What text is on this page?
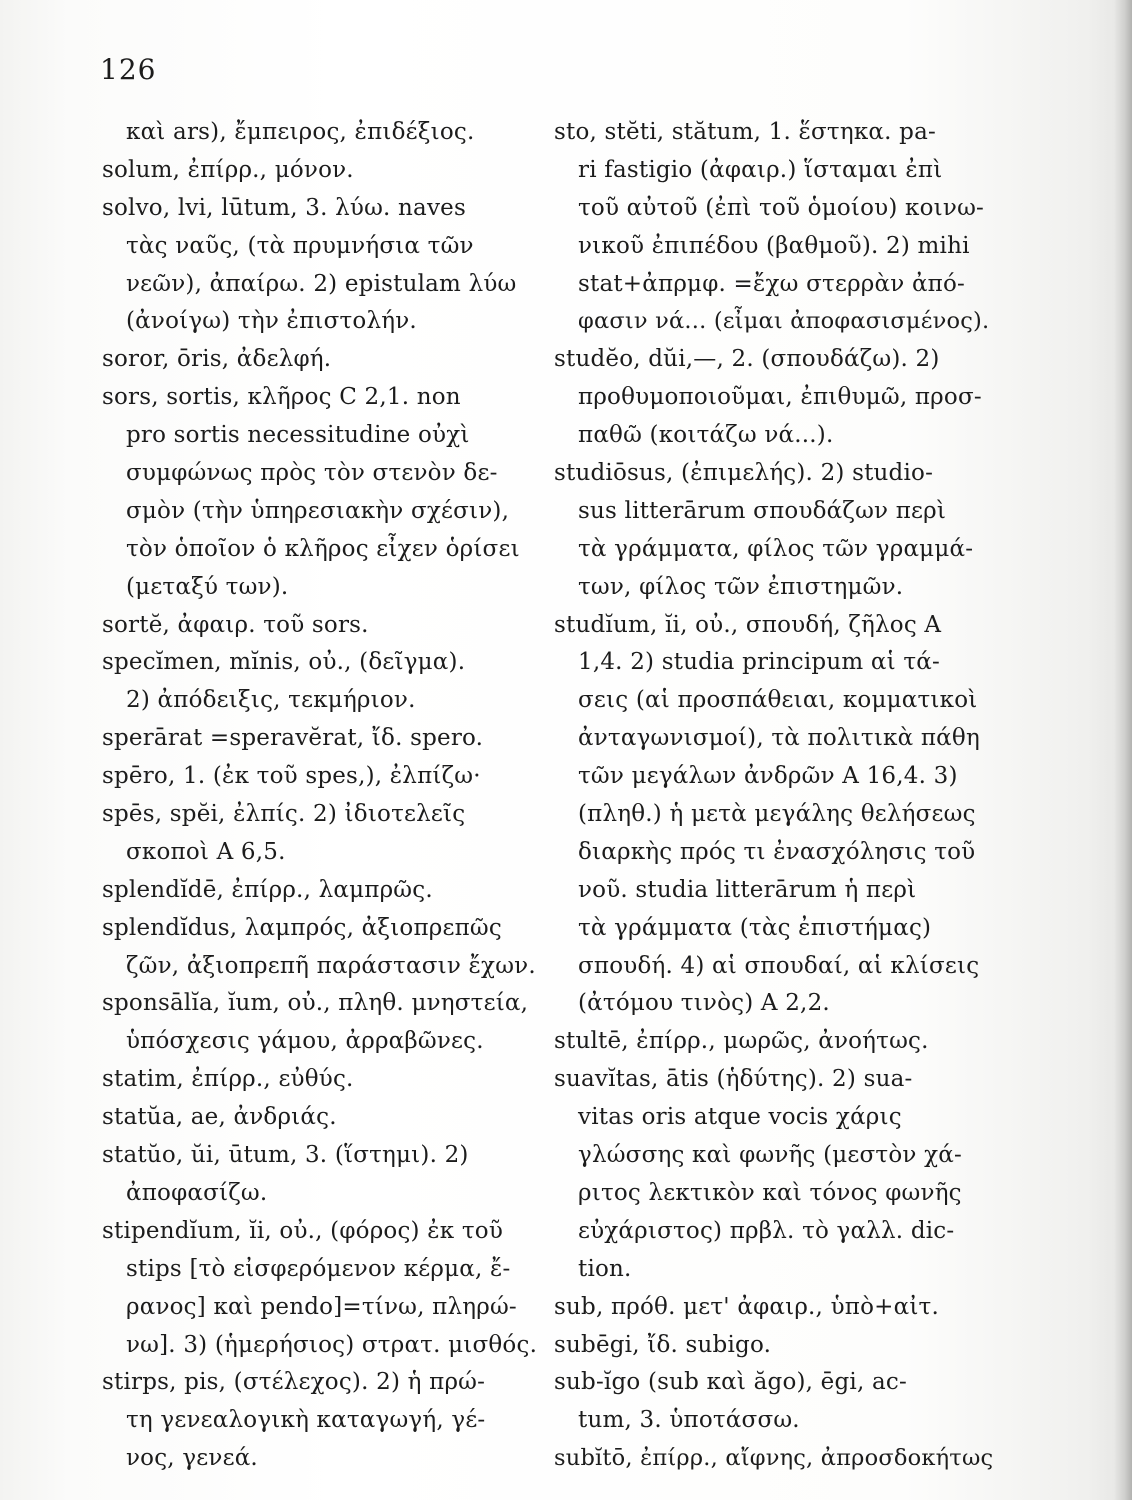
126
καὶ ars), ἔμπειρος, ἐπιδέξιος.
solum, ἐπίρρ., μόνον.
solvo, lvi, lūtum, 3. λύω. naves
τὰς ναῦς, (τὰ πρυμνήσια τῶν
νεῶν), ἀπαίρω. 2) epistulam λύω
(ἀνοίγω) τὴν ἐπιστολήν.
soror, ōris, ἀδελφή.
sors, sortis, κλῆρος C 2,1. non
pro sortis necessitudine οὐχὶ
συμφώνως πρὸς τὸν στενὸν δε-
σμὸν (τὴν ὑπηρεσιακὴν σχέσιν),
τὸν ὁποῖον ὁ κλῆρος εἶχεν ὁρίσει
(μεταξύ των).
sortĕ, ἀφαιρ. τοῦ sors.
specĭmen, mĭnis, οὐ., (δεῖγμα).
2) ἀπόδειξις, τεκμήριον.
sperārat =speravĕrat, ἴδ. spero.
spēro, 1. (ἐκ τοῦ spes,), ἐλπίζω·
spēs, spĕi, ἐλπίς. 2) ἰδιοτελεῖς
σκοποὶ A 6,5.
splendĭdē, ἐπίρρ., λαμπρῶς.
splendĭdus, λαμπρός, ἀξιοπρεπῶς
ζῶν, ἀξιοπρεπῆ παράστασιν ἔχων.
sponsālĭa, ĭum, οὐ., πληθ. μνηστεία,
ὑπόσχεσις γάμου, ἀρραβῶνες.
statim, ἐπίρρ., εὐθύς.
statŭa, ae, ἀνδριάς.
statŭo, ŭi, ūtum, 3. (ἵστημι). 2)
ἀποφασίζω.
stipendĭum, ĭi, οὐ., (φόρος) ἐκ τοῦ
stips [τὸ εἰσφερόμενον κέρμα, ἔ-
ρανος] καὶ pendo]=τίνω, πληρώ-
νω]. 3) (ἡμερήσιος) στρατ. μισθός.
stirps, pis, (στέλεχος). 2) ἡ πρώ-
τη γενεαλογικὴ καταγωγή, γέ-
νος, γενεά.
sto, stĕti, stătum, 1. ἕστηκα. pa-
ri fastigio (ἀφαιρ.) ἵσταμαι ἐπὶ
τοῦ αὐτοῦ (ἐπὶ τοῦ ὁμοίου) κοινω-
νικοῦ ἐπιπέδου (βαθμοῦ). 2) mihi
stat+ἀπρμφ. =ἔχω στερρὰν ἀπό-
φασιν νά... (εἶμαι ἀποφασισμένος).
studĕo, dŭi,—, 2. (σπουδάζω). 2)
προθυμοποιοῦμαι, ἐπιθυμῶ, προσ-
παθῶ (κοιτάζω νά...).
studiōsus, (ἐπιμελής). 2) studio-
sus litterārum σπουδάζων περὶ
τὰ γράμματα, φίλος τῶν γραμμά-
των, φίλος τῶν ἐπιστημῶν.
studĭum, ĭi, οὐ., σπουδή, ζῆλος A
1,4. 2) studia principum αἱ τά-
σεις (αἱ προσπάθειαι, κομματικοὶ
ἀνταγωνισμοί), τὰ πολιτικὰ πάθη
τῶν μεγάλων ἀνδρῶν A 16,4. 3)
(πληθ.) ἡ μετὰ μεγάλης θελήσεως
διαρκὴς πρός τι ἐνασχόλησις τοῦ
νοῦ. studia litterārum ἡ περὶ
τὰ γράμματα (τὰς ἐπιστήμας)
σπουδή. 4) αἱ σπουδαί, αἱ κλίσεις
(ἀτόμου τινὸς) A 2,2.
stultē, ἐπίρρ., μωρῶς, ἀνοήτως.
suavĭtas, ātis (ἡδύτης). 2) sua-
vitas oris atque vocis χάρις
γλώσσης καὶ φωνῆς (μεστὸν χά-
ριτος λεκτικὸν καὶ τόνος φωνῆς
εὐχάριστος) πρβλ. τὸ γαλλ. dic-
tion.
sub, πρόθ. μετ' ἀφαιρ., ὑπὸ+αἰτ.
subēgi, ἴδ. subigo.
sub-ĭgo (sub καὶ ăgo), ēgi, ac-
tum, 3. ὑποτάσσω.
subĭtō, ἐπίρρ., αἴφνης, ἀπροσδοκήτως
